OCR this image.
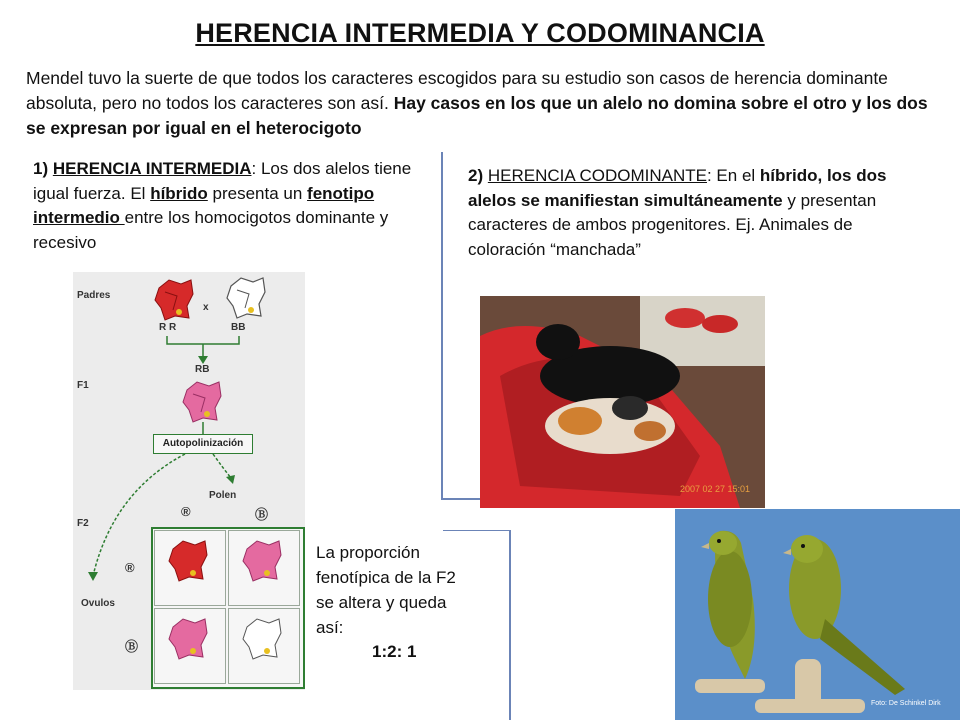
HERENCIA INTERMEDIA Y CODOMINANCIA
Mendel tuvo la suerte de que todos los caracteres escogidos para su estudio son casos de herencia dominante absoluta, pero no todos los caracteres son así. Hay casos en los que un alelo no domina sobre el otro y los dos se expresan por igual en el heterocigoto
1) HERENCIA INTERMEDIA: Los dos alelos tiene igual fuerza. El híbrido presenta un fenotipo intermedio entre los homocigotos dominante y recesivo
2) HERENCIA CODOMINANTE: En el híbrido, los dos alelos se manifiestan simultáneamente y presentan caracteres de ambos progenitores. Ej. Animales de coloración “manchada”
Padres
x
R R	BB
RB
F1
Autopolinización
Polen
®	Ⓑ
F2
®
Ovulos
Ⓑ
La proporción fenotípica de la F2 se altera y queda así:
1:2: 1
2007 02 27 15:01
Foto: De Schinkel Dirk
